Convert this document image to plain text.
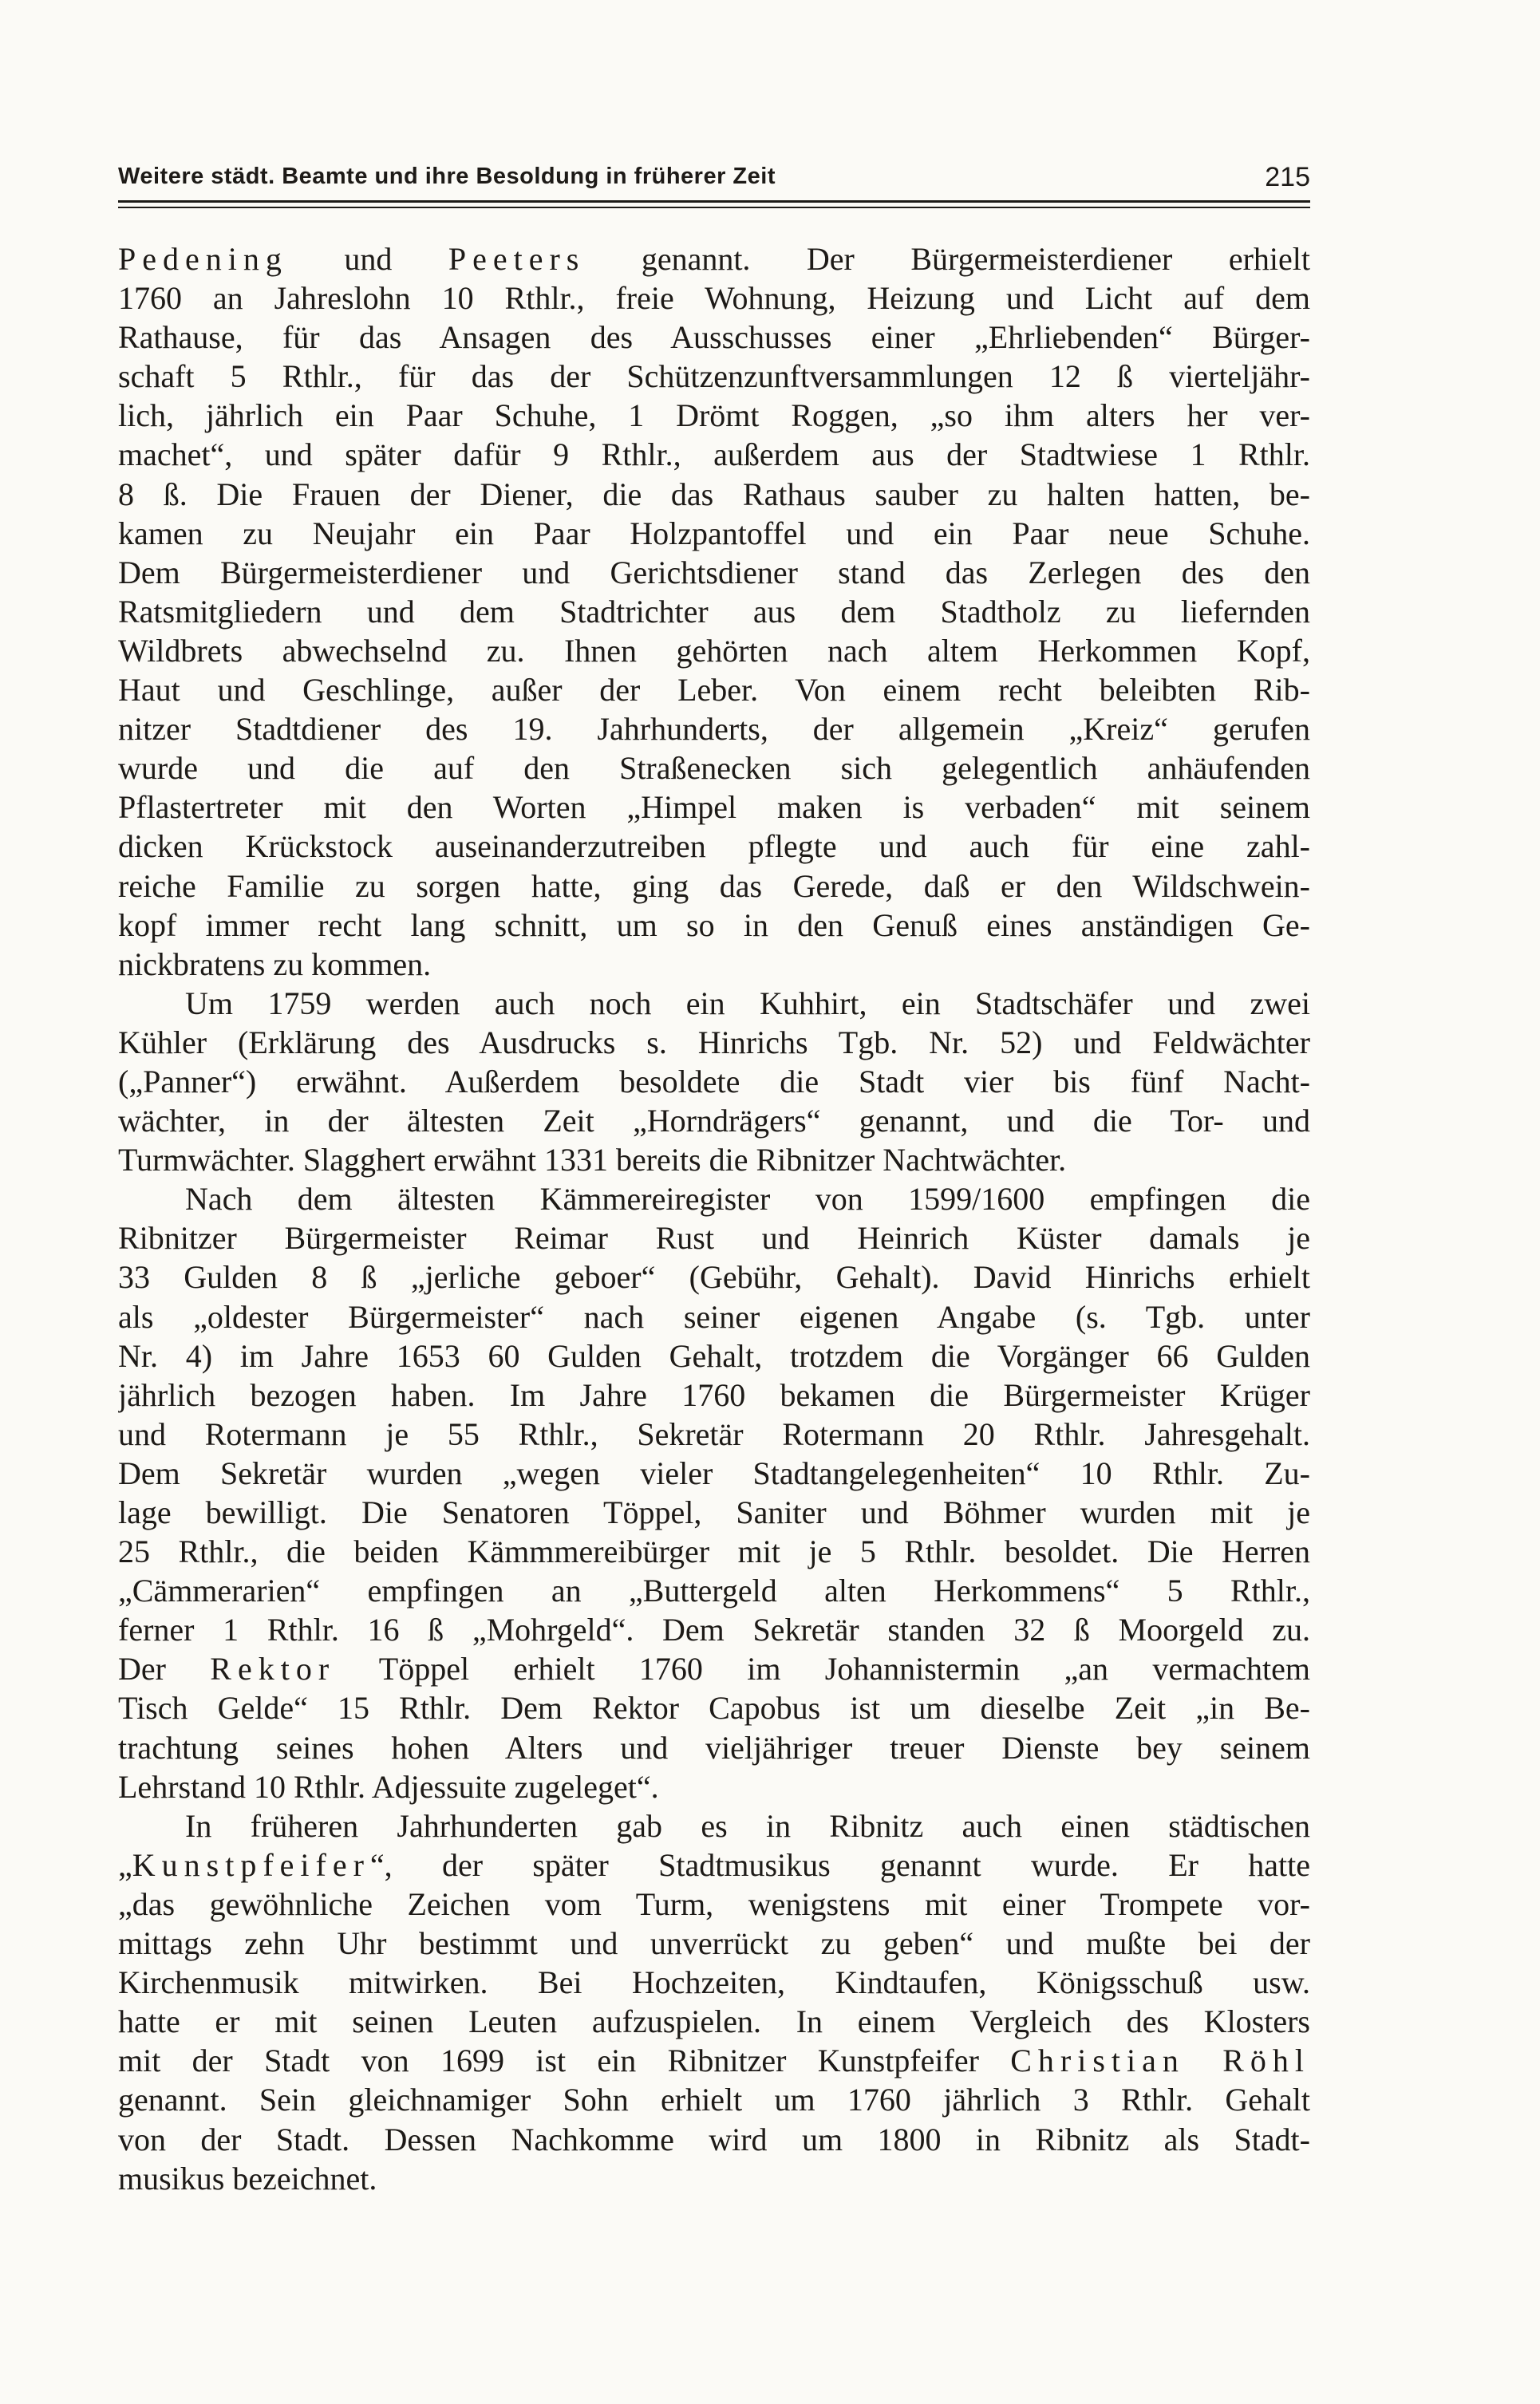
Weitere städt. Beamte und ihre Besoldung in früherer Zeit	215
Pedening und Peeters genannt. Der Bürgermeisterdiener erhielt
1760 an Jahreslohn 10 Rthlr., freie Wohnung, Heizung und Licht auf dem
Rathause, für das Ansagen des Ausschusses einer „Ehrliebenden“ Bürger-
schaft 5 Rthlr., für das der Schützenzunftversammlungen 12 ß vierteljähr-
lich, jährlich ein Paar Schuhe, 1 Drömt Roggen, „so ihm alters her ver-
machet“, und später dafür 9 Rthlr., außerdem aus der Stadtwiese 1 Rthlr.
8 ß. Die Frauen der Diener, die das Rathaus sauber zu halten hatten, be-
kamen zu Neujahr ein Paar Holzpantoffel und ein Paar neue Schuhe.
Dem Bürgermeisterdiener und Gerichtsdiener stand das Zerlegen des den
Ratsmitgliedern und dem Stadtrichter aus dem Stadtholz zu liefernden
Wildbrets abwechselnd zu. Ihnen gehörten nach altem Herkommen Kopf,
Haut und Geschlinge, außer der Leber. Von einem recht beleibten Rib-
nitzer Stadtdiener des 19. Jahrhunderts, der allgemein „Kreiz“ gerufen
wurde und die auf den Straßenecken sich gelegentlich anhäufenden
Pflastertreter mit den Worten „Himpel maken is verbaden“ mit seinem
dicken Krückstock auseinanderzutreiben pflegte und auch für eine zahl-
reiche Familie zu sorgen hatte, ging das Gerede, daß er den Wildschwein-
kopf immer recht lang schnitt, um so in den Genuß eines anständigen Ge-
nickbratens zu kommen.
Um 1759 werden auch noch ein Kuhhirt, ein Stadtschäfer und zwei
Kühler (Erklärung des Ausdrucks s. Hinrichs Tgb. Nr. 52) und Feldwächter
(„Panner“) erwähnt. Außerdem besoldete die Stadt vier bis fünf Nacht-
wächter, in der ältesten Zeit „Horndrägers“ genannt, und die Tor- und
Turmwächter. Slagghert erwähnt 1331 bereits die Ribnitzer Nachtwächter.
Nach dem ältesten Kämmereiregister von 1599/1600 empfingen die
Ribnitzer Bürgermeister Reimar Rust und Heinrich Küster damals je
33 Gulden 8 ß „jerliche geboer“ (Gebühr, Gehalt). David Hinrichs erhielt
als „oldester Bürgermeister“ nach seiner eigenen Angabe (s. Tgb. unter
Nr. 4) im Jahre 1653 60 Gulden Gehalt, trotzdem die Vorgänger 66 Gulden
jährlich bezogen haben. Im Jahre 1760 bekamen die Bürgermeister Krüger
und Rotermann je 55 Rthlr., Sekretär Rotermann 20 Rthlr. Jahresgehalt.
Dem Sekretär wurden „wegen vieler Stadtangelegenheiten“ 10 Rthlr. Zu-
lage bewilligt. Die Senatoren Töppel, Saniter und Böhmer wurden mit je
25 Rthlr., die beiden Kämmmereibürger mit je 5 Rthlr. besoldet. Die Herren
„Cämmerarien“ empfingen an „Buttergeld alten Herkommens“ 5 Rthlr.,
ferner 1 Rthlr. 16 ß „Mohrgeld“. Dem Sekretär standen 32 ß Moorgeld zu.
Der Rektor Töppel erhielt 1760 im Johannistermin „an vermachtem
Tisch Gelde“ 15 Rthlr. Dem Rektor Capobus ist um dieselbe Zeit „in Be-
trachtung seines hohen Alters und vieljähriger treuer Dienste bey seinem
Lehrstand 10 Rthlr. Adjessuite zugeleget“.
In früheren Jahrhunderten gab es in Ribnitz auch einen städtischen
„Kunstpfeifer“, der später Stadtmusikus genannt wurde. Er hatte
„das gewöhnliche Zeichen vom Turm, wenigstens mit einer Trompete vor-
mittags zehn Uhr bestimmt und unverrückt zu geben“ und mußte bei der
Kirchenmusik mitwirken. Bei Hochzeiten, Kindtaufen, Königsschuß usw.
hatte er mit seinen Leuten aufzuspielen. In einem Vergleich des Klosters
mit der Stadt von 1699 ist ein Ribnitzer Kunstpfeifer Christian Röhl
genannt. Sein gleichnamiger Sohn erhielt um 1760 jährlich 3 Rthlr. Gehalt
von der Stadt. Dessen Nachkomme wird um 1800 in Ribnitz als Stadt-
musikus bezeichnet.
